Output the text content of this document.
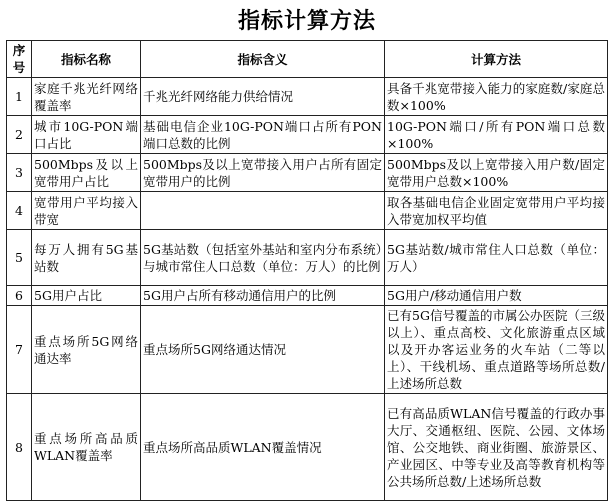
指标计算方法
序号	指标名称	指标含义	计算方法
1	家庭千兆光纤网络覆盖率	千兆光纤网络能力供给情况	具备千兆宽带接入能力的家庭数/家庭总数×100%
2	城市10G-PON端口占比	基础电信企业10G-PON端口占所有PON端口总数的比例	10G-PON端口/所有PON端口总数×100%
3	500Mbps及以上宽带用户占比	500Mbps及以上宽带接入用户占所有固定宽带用户的比例	500Mbps及以上宽带接入用户数/固定宽带用户总数×100%
4	宽带用户平均接入带宽		取各基础电信企业固定宽带用户平均接入带宽加权平均值
5	每万人拥有5G基站数	5G基站数（包括室外基站和室内分布系统）与城市常住人口总数（单位：万人）的比例	5G基站数/城市常住人口总数（单位：万人）
6	5G用户占比	5G用户占所有移动通信用户的比例	5G用户/移动通信用户数
7	重点场所5G网络通达率	重点场所5G网络通达情况	已有5G信号覆盖的市属公办医院（三级以上）、重点高校、文化旅游重点区域以及开办客运业务的火车站（二等以上）、干线机场、重点道路等场所总数/上述场所总数
8	重点场所高品质WLAN覆盖率	重点场所高品质WLAN覆盖情况	已有高品质WLAN信号覆盖的行政办事大厅、交通枢纽、医院、公园、文体场馆、公交地铁、商业街圈、旅游景区、产业园区、中等专业及高等教育机构等公共场所总数/上述场所总数
